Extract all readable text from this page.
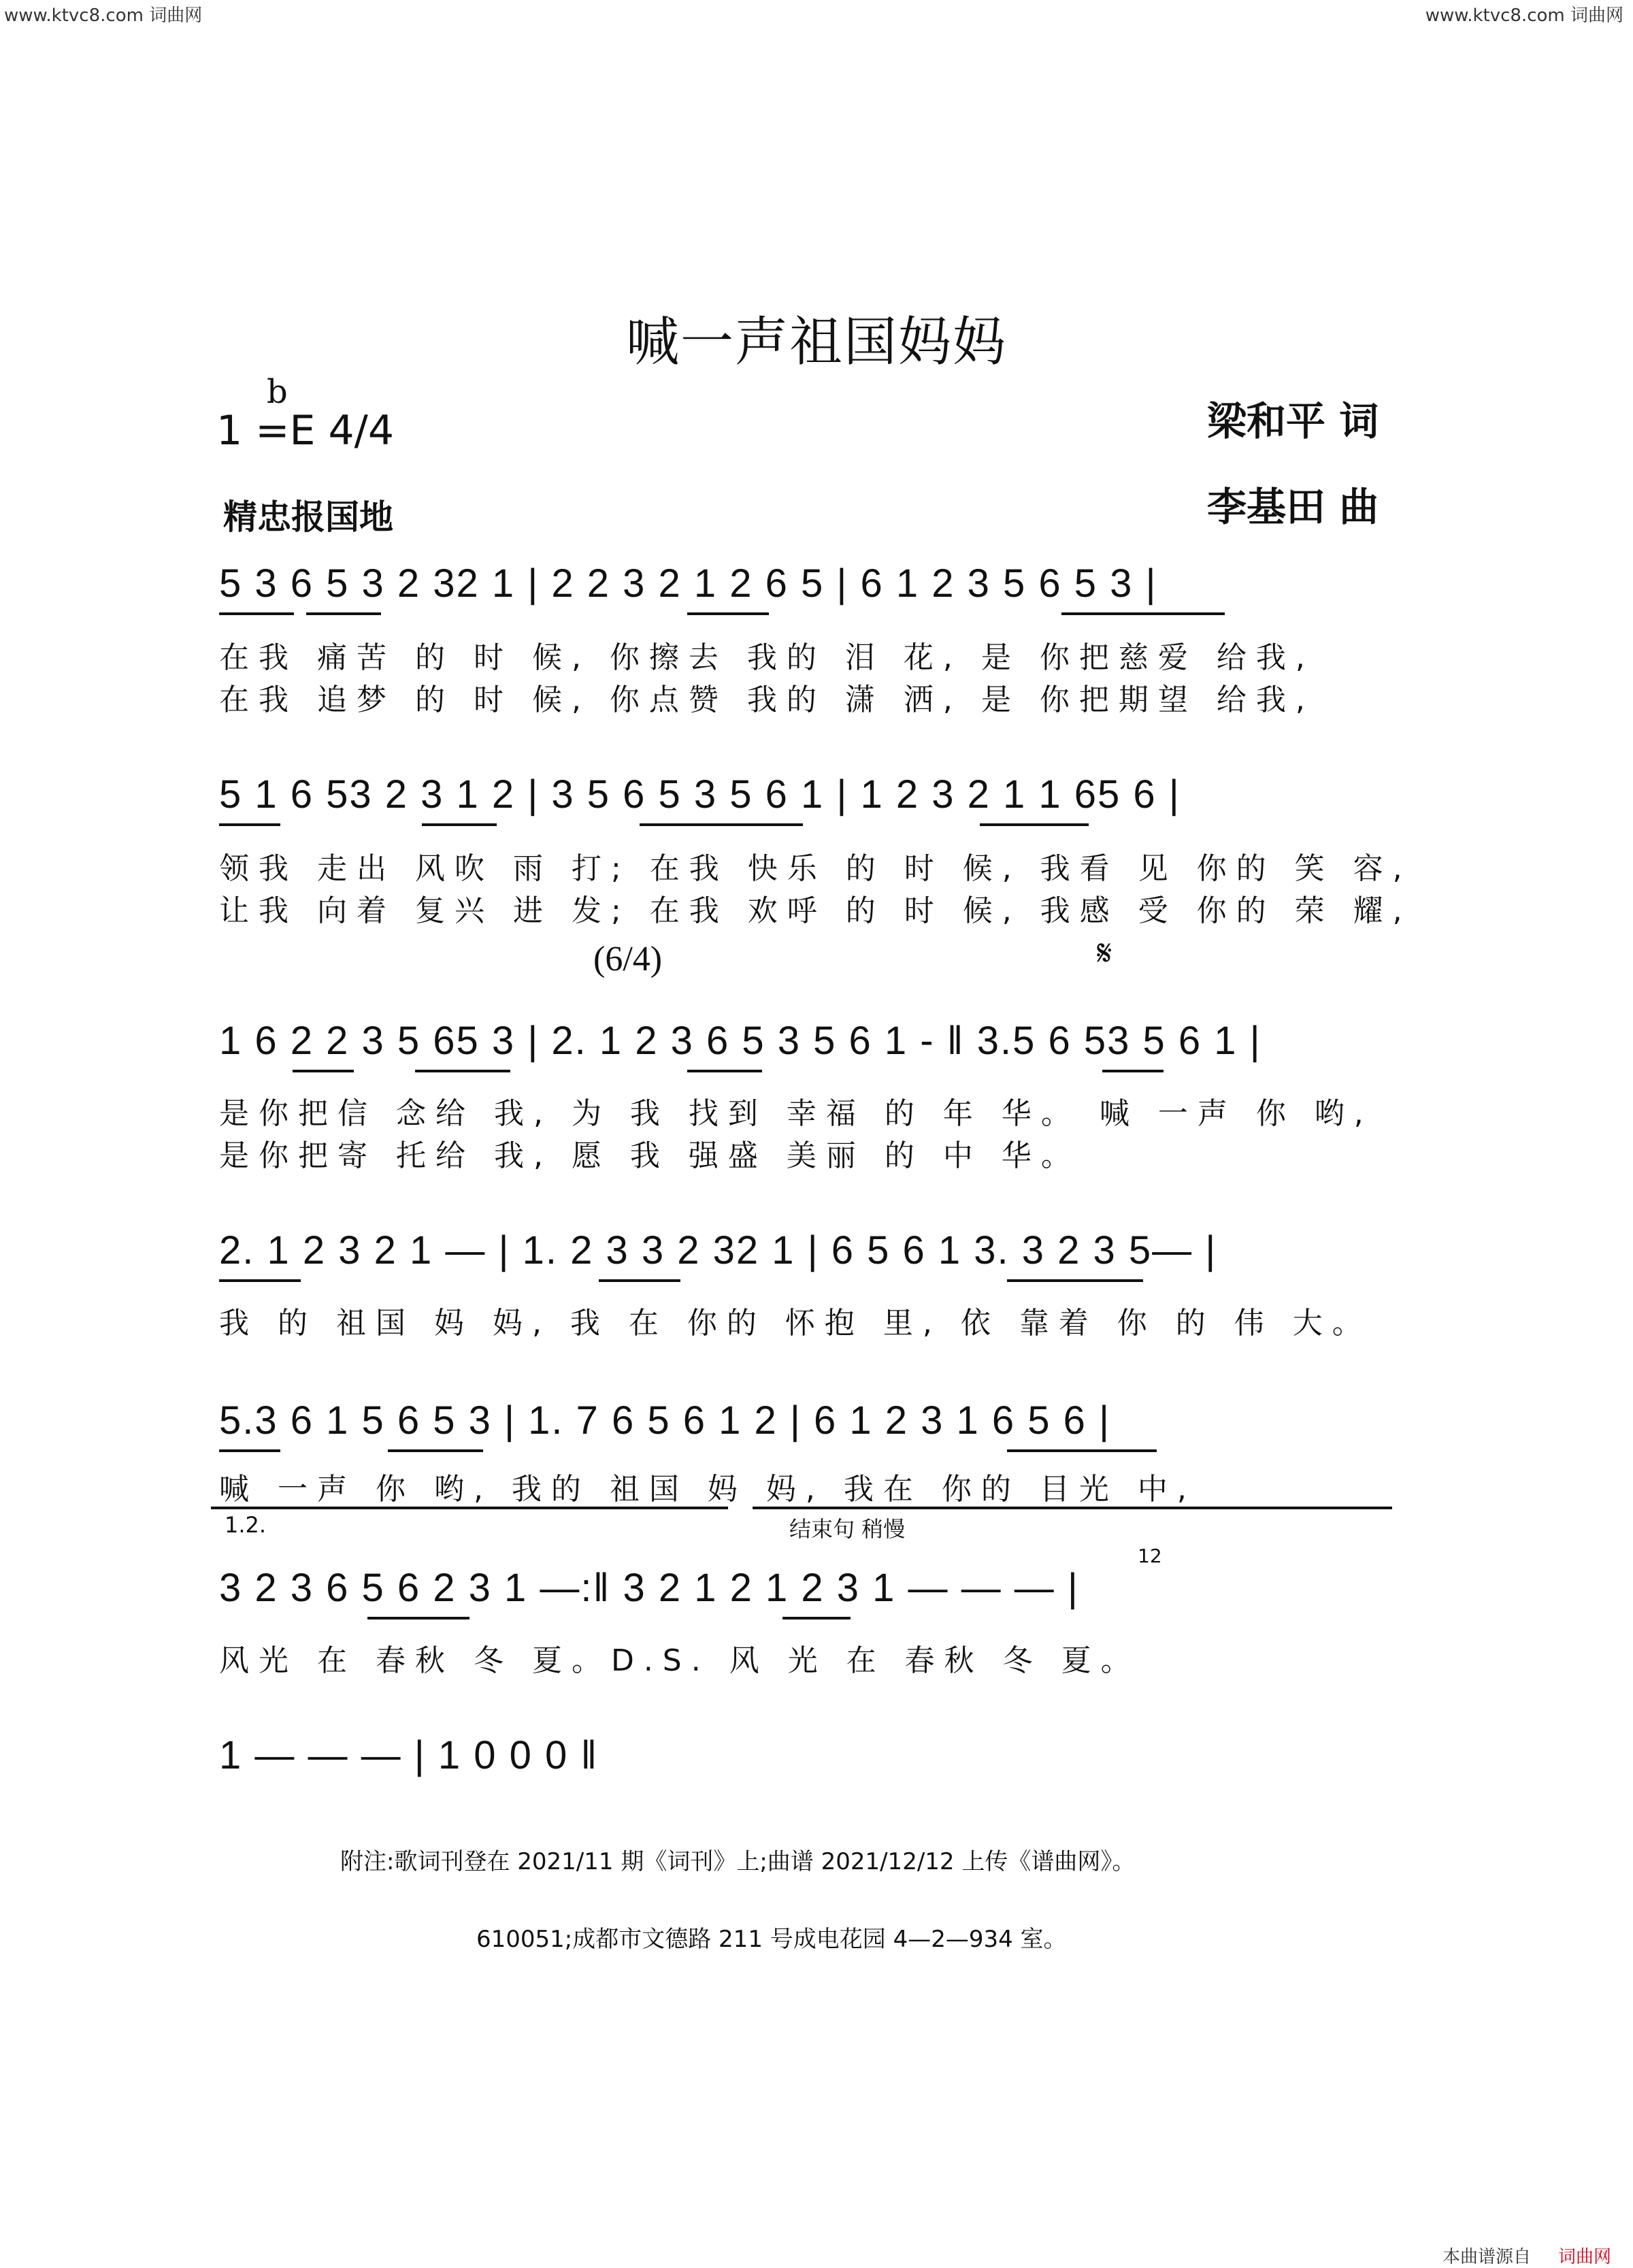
www.ktvc8.com 词曲网	www.ktvc8.com 词曲网
喊一声祖国妈妈
1 =E 4/4
b
精忠报国地
梁和平 词
李基田 曲
5 3 6 5 3 2 32 1 | 2 2 3 2 1 2 6 5 | 6 1 2 3 5 6 5 3 |
在我 痛苦 的 时 候, 你擦去 我的 泪 花, 是 你把慈爱 给我,
在我 追梦 的 时 候, 你点赞 我的 潇 洒, 是 你把期望 给我,
5 1 6 53 2 3 1 2 | 3 5 6 5 3 5 6 1 | 1 2 3 2 1 1 65 6 |
领我 走出 风吹 雨 打; 在我 快乐 的 时 候, 我看 见 你的 笑 容,
让我 向着 复兴 进 发; 在我 欢呼 的 时 候, 我感 受 你的 荣 耀,
(6/4)	𝄋
1 6 2 2 3 5 65 3 | 2. 1 2 3 6 5 3 5 6 1 - ‖ 3.5 6 53 5 6 1 |
是你把信 念给 我, 为 我 找到 幸福 的 年 华。 喊 一声 你 哟,
是你把寄 托给 我, 愿 我 强盛 美丽 的 中 华。
2. 1 2 3 2 1 — | 1. 2 3 3 2 32 1 | 6 5 6 1 3. 3 2 3 5— |
我 的 祖国 妈 妈, 我 在 你的 怀抱 里, 依 靠着 你 的 伟 大。
5.3 6 1 5 6 5 3 | 1. 7 6 5 6 1 2 | 6 1 2 3 1 6 5 6 |
喊 一声 你 哟, 我的 祖国 妈 妈, 我在 你的 目光 中,
1.2.	结束句 稍慢
12
3 2 3 6 5 6 2 3 1 —:‖ 3 2 1 2 1 2 3 1 — — — |
风光 在 春秋 冬 夏。D.S. 风 光 在 春秋 冬 夏。
1 — — — | 1 0 0 0 ‖
附注:歌词刊登在 2021/11 期《词刊》上;曲谱 2021/12/12 上传《谱曲网》。
610051;成都市文德路 211 号成电花园 4—2—934 室。
本曲谱源自 词曲网
